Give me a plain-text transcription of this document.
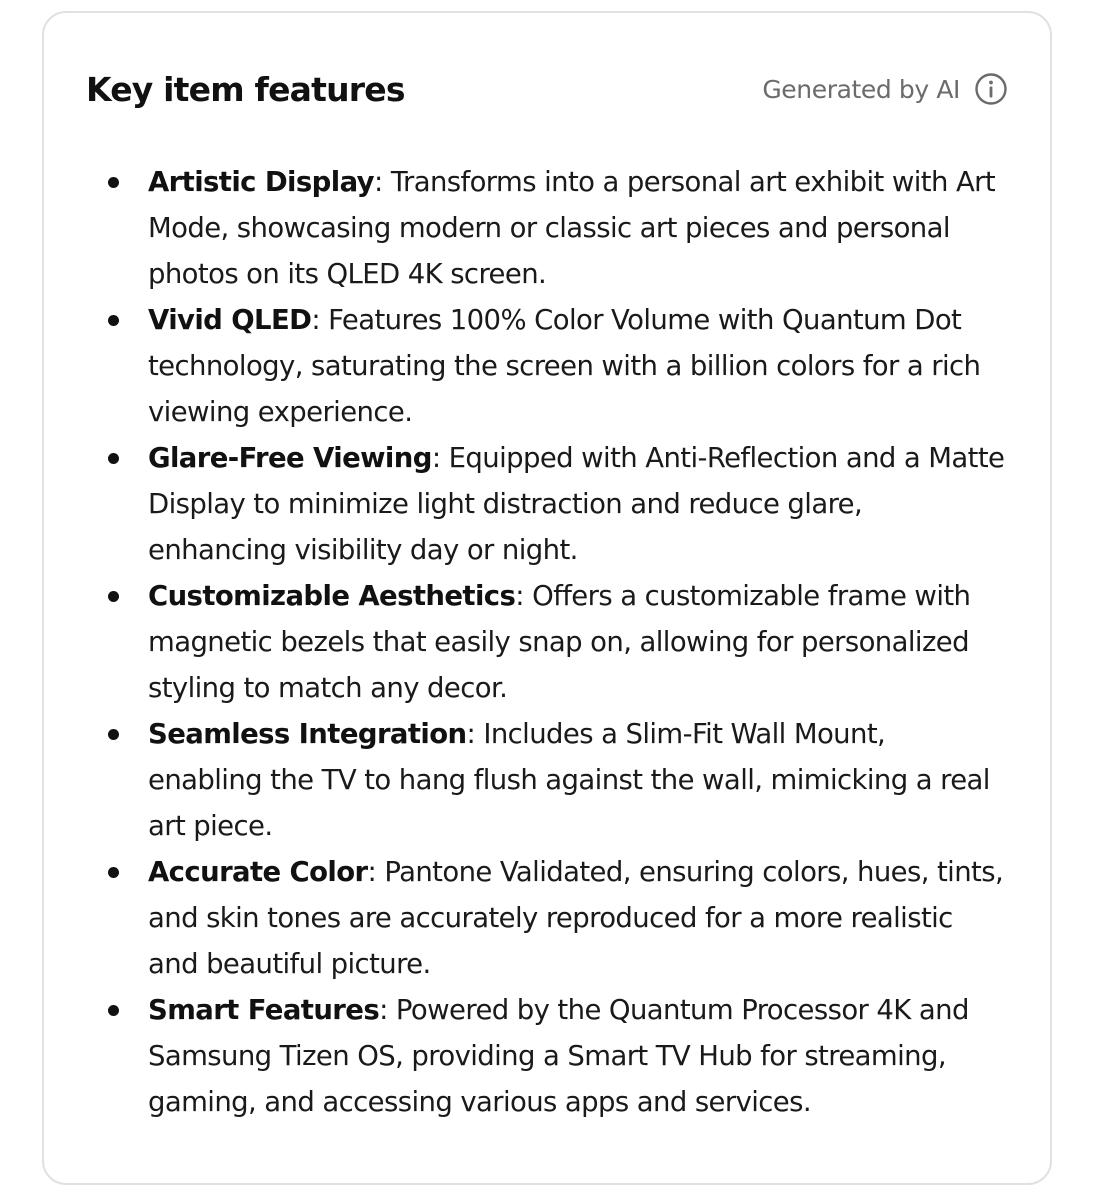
Key item features	Generated by AI
Artistic Display: Transforms into a personal art exhibit with Art Mode, showcasing modern or classic art pieces and personal photos on its QLED 4K screen.
Vivid QLED: Features 100% Color Volume with Quantum Dot technology, saturating the screen with a billion colors for a rich viewing experience.
Glare-Free Viewing: Equipped with Anti-Reflection and a Matte Display to minimize light distraction and reduce glare, enhancing visibility day or night.
Customizable Aesthetics: Offers a customizable frame with magnetic bezels that easily snap on, allowing for personalized styling to match any decor.
Seamless Integration: Includes a Slim-Fit Wall Mount, enabling the TV to hang flush against the wall, mimicking a real art piece.
Accurate Color: Pantone Validated, ensuring colors, hues, tints, and skin tones are accurately reproduced for a more realistic and beautiful picture.
Smart Features: Powered by the Quantum Processor 4K and Samsung Tizen OS, providing a Smart TV Hub for streaming, gaming, and accessing various apps and services.
